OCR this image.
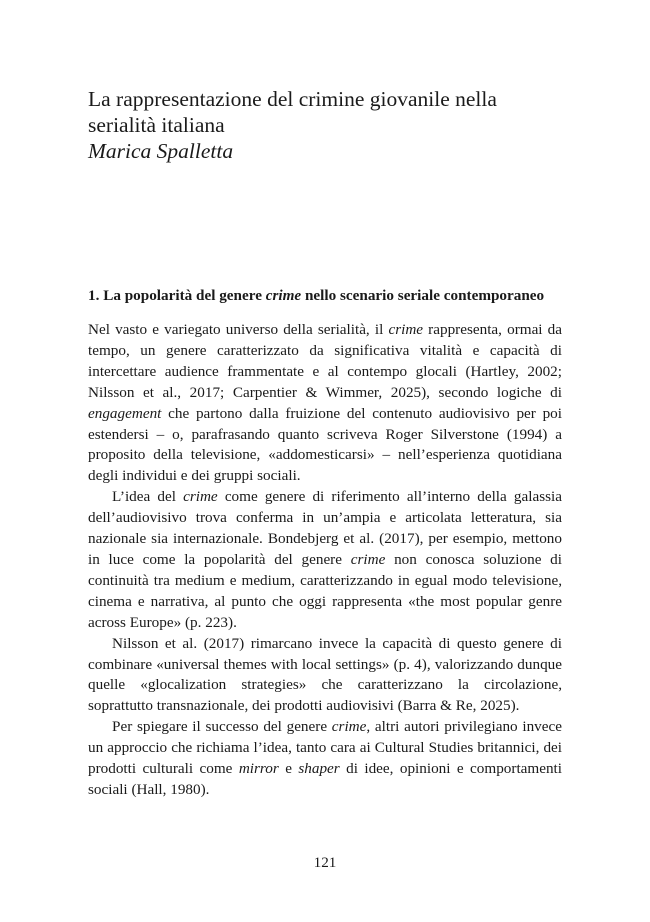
La rappresentazione del crimine giovanile nella serialità italiana
Marica Spalletta
1. La popolarità del genere crime nello scenario seriale contemporaneo

Nel vasto e variegato universo della serialità, il crime rappresenta, ormai da tempo, un genere caratterizzato da significativa vitalità e capacità di intercettare audience frammentate e al contempo glocali (Hartley, 2002; Nilsson et al., 2017; Carpentier & Wimmer, 2025), secondo logiche di engagement che partono dalla fruizione del contenuto audiovisivo per poi estendersi – o, parafrasando quanto scriveva Roger Silverstone (1994) a proposito della televisione, «addomesticarsi» – nell’esperienza quotidiana degli individui e dei gruppi sociali.

L’idea del crime come genere di riferimento all’interno della galassia dell’audiovisivo trova conferma in un’ampia e articolata letteratura, sia nazionale sia internazionale. Bondebjerg et al. (2017), per esempio, mettono in luce come la popolarità del genere crime non conosca soluzione di continuità tra medium e medium, caratterizzando in egual modo televisione, cinema e narrativa, al punto che oggi rappresenta «the most popular genre across Europe» (p. 223).

Nilsson et al. (2017) rimarcano invece la capacità di questo genere di combinare «universal themes with local settings» (p. 4), valorizzando dunque quelle «glocalization strategies» che caratterizzano la circolazione, soprattutto transnazionale, dei prodotti audiovisivi (Barra & Re, 2025).

Per spiegare il successo del genere crime, altri autori privilegiano invece un approccio che richiama l’idea, tanto cara ai Cultural Studies britannici, dei prodotti culturali come mirror e shaper di idee, opinioni e comportamenti sociali (Hall, 1980).

121
